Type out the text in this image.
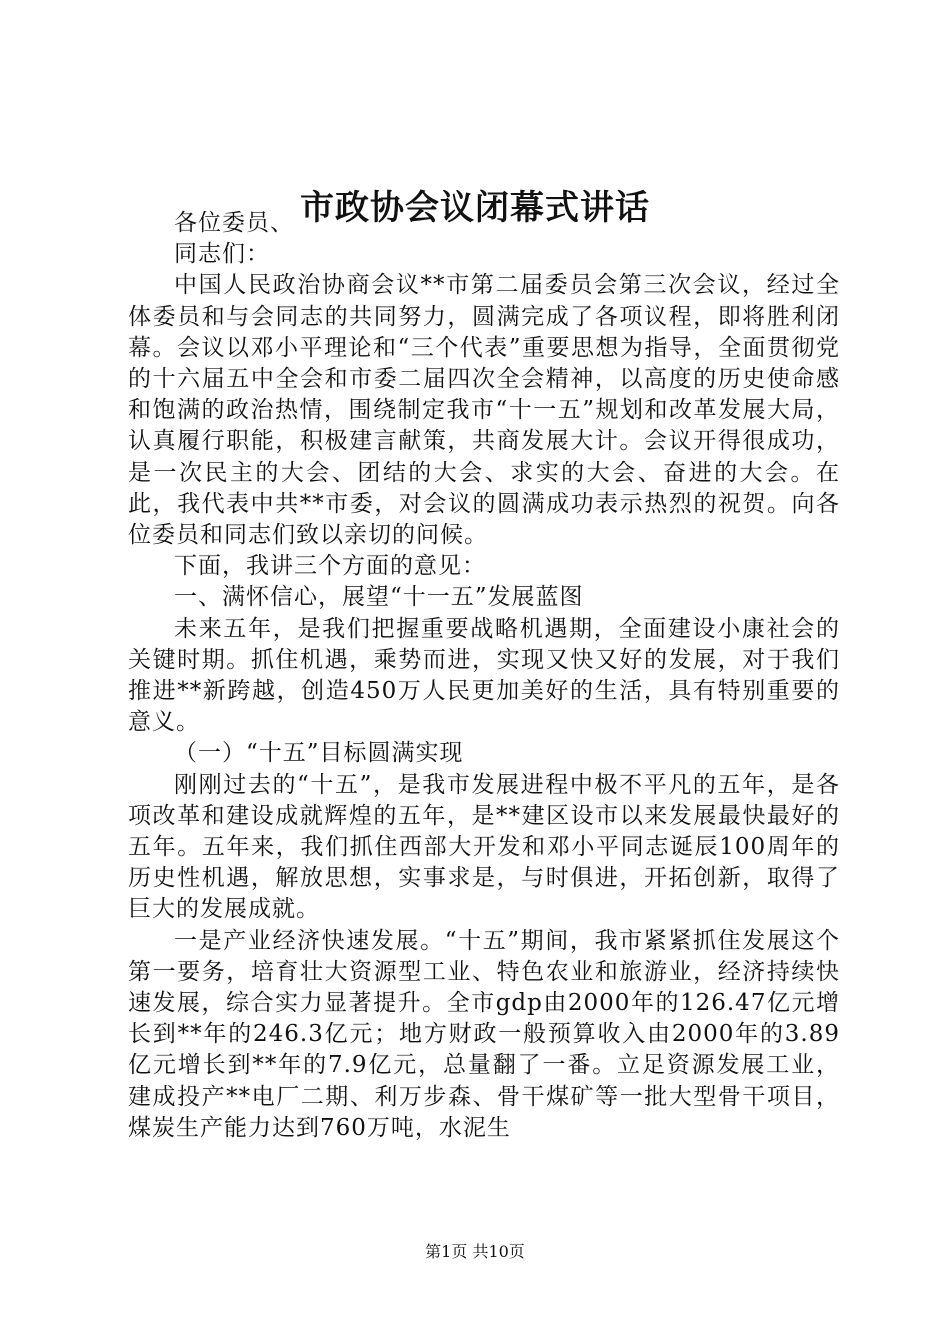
市政协会议闭幕式讲话

各位委员、

同志们：

中国人民政治协商会议**市第二届委员会第三次会议，经过全体委员和与会同志的共同努力，圆满完成了各项议程，即将胜利闭幕。会议以邓小平理论和“三个代表”重要思想为指导，全面贯彻党的十六届五中全会和市委二届四次全会精神，以高度的历史使命感和饱满的政治热情，围绕制定我市“十一五”规划和改革发展大局，认真履行职能，积极建言献策，共商发展大计。会议开得很成功，是一次民主的大会、团结的大会、求实的大会、奋进的大会。在此，我代表中共**市委，对会议的圆满成功表示热烈的祝贺。向各位委员和同志们致以亲切的问候。

下面，我讲三个方面的意见：

一、满怀信心，展望“十一五”发展蓝图

未来五年，是我们把握重要战略机遇期，全面建设小康社会的关键时期。抓住机遇，乘势而进，实现又快又好的发展，对于我们推进**新跨越，创造450万人民更加美好的生活，具有特别重要的意义。

（一）“十五”目标圆满实现

刚刚过去的“十五”，是我市发展进程中极不平凡的五年，是各项改革和建设成就辉煌的五年，是**建区设市以来发展最快最好的五年。五年来，我们抓住西部大开发和邓小平同志诞辰100周年的历史性机遇，解放思想，实事求是，与时俱进，开拓创新，取得了巨大的发展成就。

一是产业经济快速发展。“十五”期间，我市紧紧抓住发展这个第一要务，培育壮大资源型工业、特色农业和旅游业，经济持续快速发展，综合实力显著提升。全市gdp由2000年的126.47亿元增长到**年的246.3亿元；地方财政一般预算收入由2000年的3.89亿元增长到**年的7.9亿元，总量翻了一番。立足资源发展工业，建成投产**电厂二期、利万步森、骨干煤矿等一批大型骨干项目，煤炭生产能力达到760万吨，水泥生

第1页 共10页
